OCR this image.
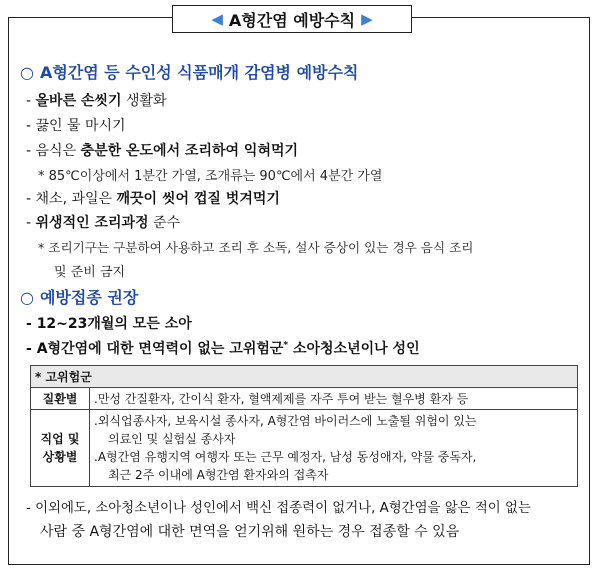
◀ A형간염 예방수칙 ▶
○ A형간염 등 수인성 식품매개 감염병 예방수칙
- 올바른 손씻기 생활화
- 끓인 물 마시기
- 음식은 충분한 온도에서 조리하여 익혀먹기
* 85℃이상에서 1분간 가열, 조개류는 90℃에서 4분간 가열
- 채소, 과일은 깨끗이 씻어 껍질 벗겨먹기
- 위생적인 조리과정 준수
* 조리기구는 구분하여 사용하고 조리 후 소독, 설사 증상이 있는 경우 음식 조리
및 준비 금지
○ 예방접종 권장
- 12~23개월의 모든 소아
- A형간염에 대한 면역력이 없는 고위험군* 소아청소년이나 성인
* 고위험군	
질환별	.만성 간질환자, 간이식 환자, 혈액제제를 자주 투여 받는 혈우병 환자 등

직업 및
상황별	.외식업종사자, 보육시설 종사자, A형간염 바이러스에 노출될 위험이 있는
의료인 및 실험실 종사자
.A형간염 유행지역 여행자 또는 근무 예정자, 남성 동성애자, 약물 중독자,
최근 2주 이내에 A형간염 환자와의 접촉자
- 이외에도, 소아청소년이나 성인에서 백신 접종력이 없거나, A형간염을 앓은 적이 없는
사람 중 A형간염에 대한 면역을 얻기위해 원하는 경우 접종할 수 있음
